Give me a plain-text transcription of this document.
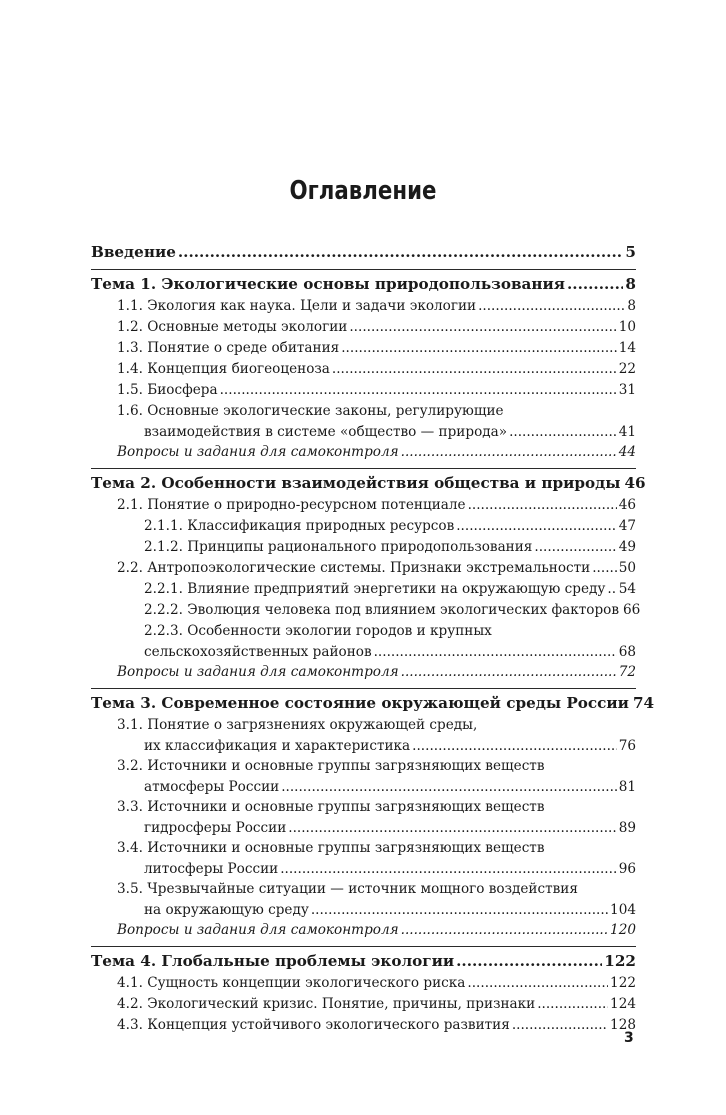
Оглавление
Введение .....	5
Тема 1. Экологические основы природопользования .....	8
1.1. Экология как наука. Цели и задачи экологии .....	8
1.2. Основные методы экологии .....	10
1.3. Понятие о среде обитания .....	14
1.4. Концепция биогеоценоза .....	22
1.5. Биосфера .....	31
1.6. Основные экологические законы, регулирующие
взаимодействия в системе «общество — природа» .....	41
Вопросы и задания для самоконтроля .....	44
Тема 2. Особенности взаимодействия общества и природы 46
2.1. Понятие о природно-ресурсном потенциале .....	46
2.1.1. Классификация природных ресурсов .....	47
2.1.2. Принципы рационального природопользования .....	49
2.2. Антропоэкологические системы. Признаки экстремальности ..... 50
2.2.1. Влияние предприятий энергетики на окружающую среду ..... 54
2.2.2. Эволюция человека под влиянием экологических факторов 66
2.2.3. Особенности экологии городов и крупных
сельскохозяйственных районов .....	68
Вопросы и задания для самоконтроля .....	72
Тема 3. Современное состояние окружающей среды России 74
3.1. Понятие о загрязнениях окружающей среды,
их классификация и характеристика .....	76
3.2. Источники и основные группы загрязняющих веществ
атмосферы России .....	81
3.3. Источники и основные группы загрязняющих веществ
гидросферы России .....	89
3.4. Источники и основные группы загрязняющих веществ
литосферы России .....	96
3.5. Чрезвычайные ситуации — источник мощного воздействия
на окружающую среду .....	104
Вопросы и задания для самоконтроля .....	120
Тема 4. Глобальные проблемы экологии .....	122
4.1. Сущность концепции экологического риска .....	122
4.2. Экологический кризис. Понятие, причины, признаки .....	124
4.3. Концепция устойчивого экологического развития .....	128
3
